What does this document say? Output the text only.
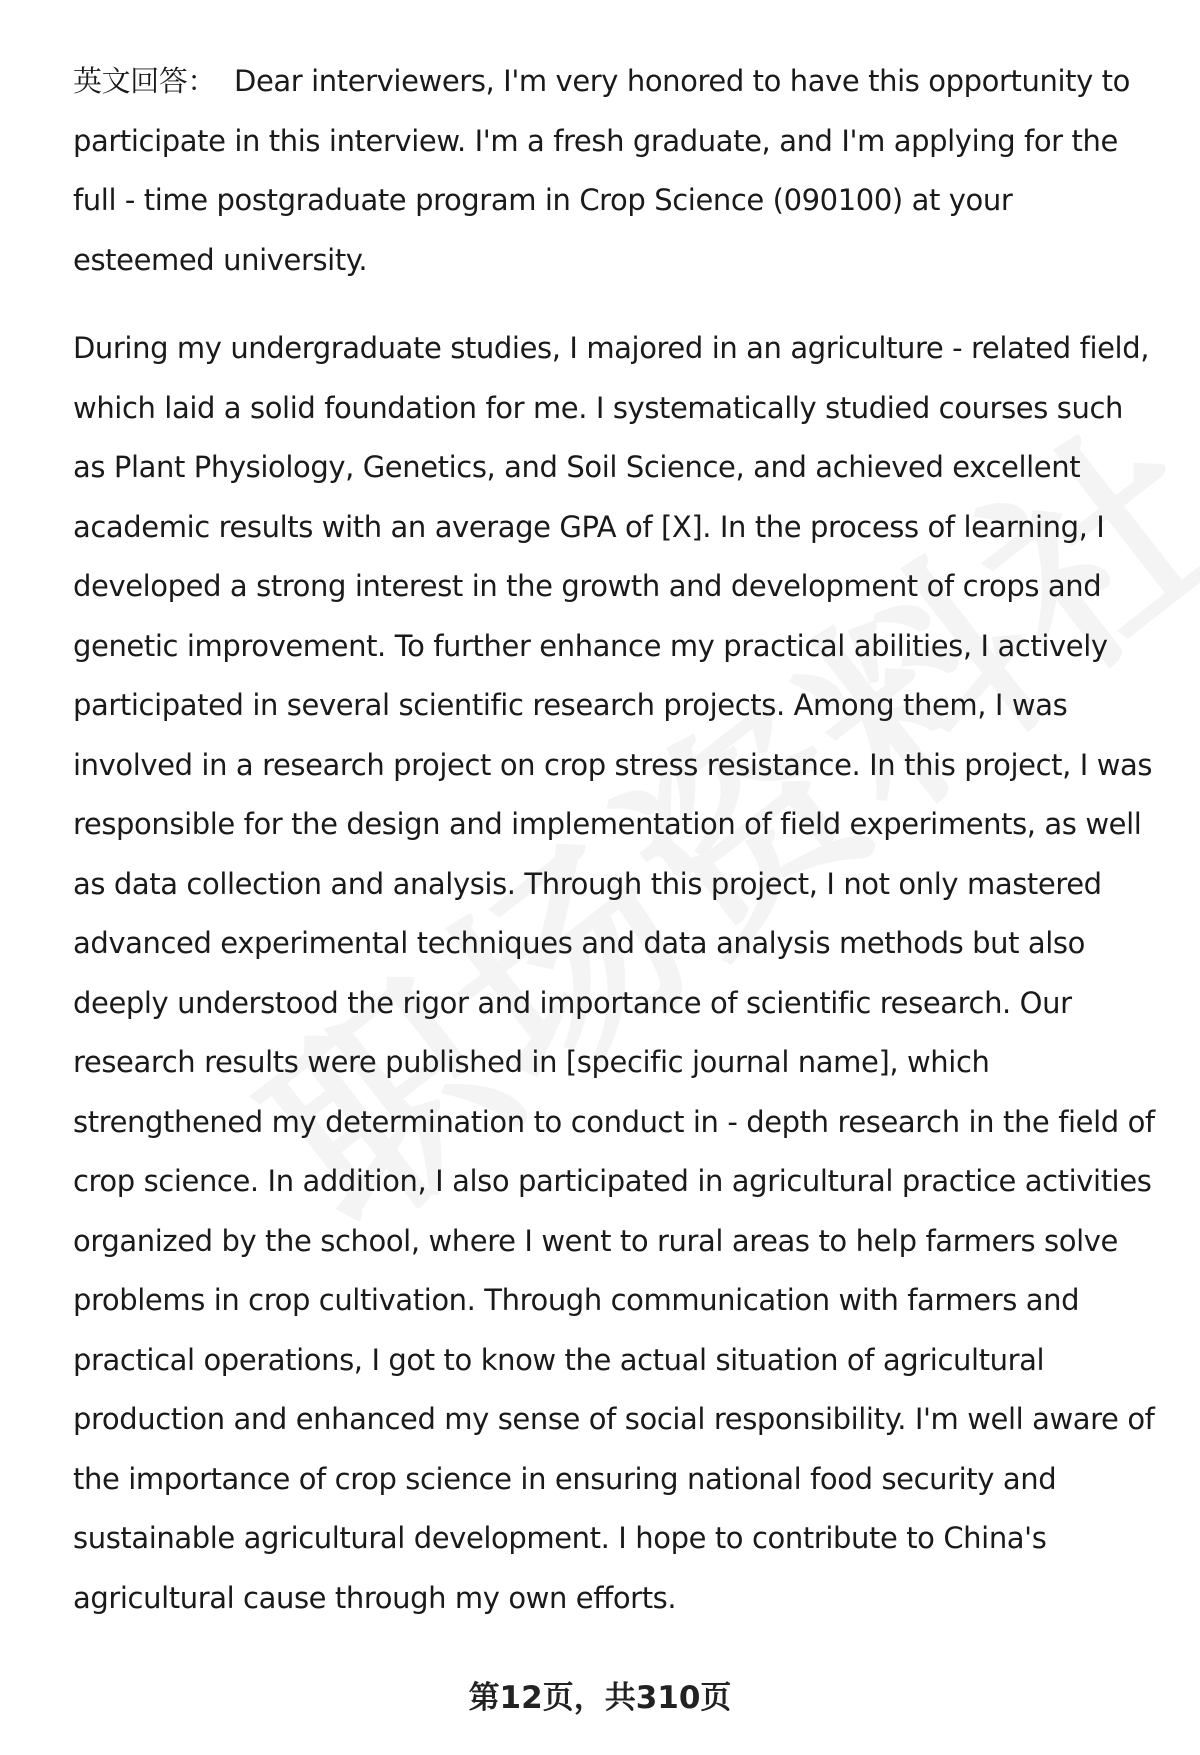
英文回答： Dear interviewers, I'm very honored to have this opportunity to participate in this interview. I'm a fresh graduate, and I'm applying for the full - time postgraduate program in Crop Science (090100) at your esteemed university.

During my undergraduate studies, I majored in an agriculture - related field, which laid a solid foundation for me. I systematically studied courses such as Plant Physiology, Genetics, and Soil Science, and achieved excellent academic results with an average GPA of [X]. In the process of learning, I developed a strong interest in the growth and development of crops and genetic improvement. To further enhance my practical abilities, I actively participated in several scientific research projects. Among them, I was involved in a research project on crop stress resistance. In this project, I was responsible for the design and implementation of field experiments, as well as data collection and analysis. Through this project, I not only mastered advanced experimental techniques and data analysis methods but also deeply understood the rigor and importance of scientific research. Our research results were published in [specific journal name], which strengthened my determination to conduct in - depth research in the field of crop science. In addition, I also participated in agricultural practice activities organized by the school, where I went to rural areas to help farmers solve problems in crop cultivation. Through communication with farmers and practical operations, I got to know the actual situation of agricultural production and enhanced my sense of social responsibility. I'm well aware of the importance of crop science in ensuring national food security and sustainable agricultural development. I hope to contribute to China's agricultural cause through my own efforts.

第12页，共310页
